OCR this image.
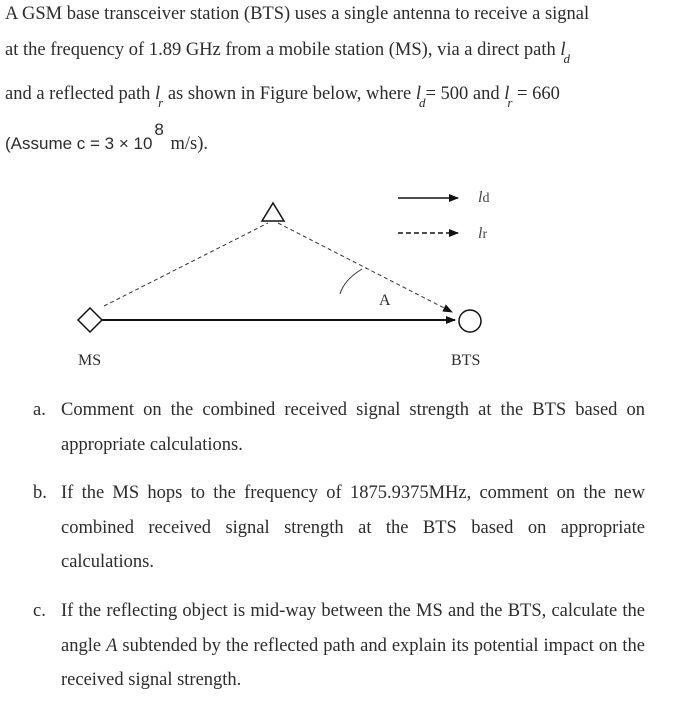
A GSM base transceiver station (BTS) uses a single antenna to receive a signal
at the frequency of 1.89 GHz from a mobile station (MS), via a direct path $l_d$
and a reflected path $l_r$ as shown in Figure below, where $l_d= 500$ and $l_r = 660$
(Assume c = 3 × 108 m/s).
MS	BTS
A
ld
lr
a. Comment on the combined received signal strength at the BTS based on appropriate calculations.
b. If the MS hops to the frequency of 1875.9375MHz, comment on the new combined received signal strength at the BTS based on appropriate calculations.
c. If the reflecting object is mid-way between the MS and the BTS, calculate the angle A subtended by the reflected path and explain its potential impact on the received signal strength.
